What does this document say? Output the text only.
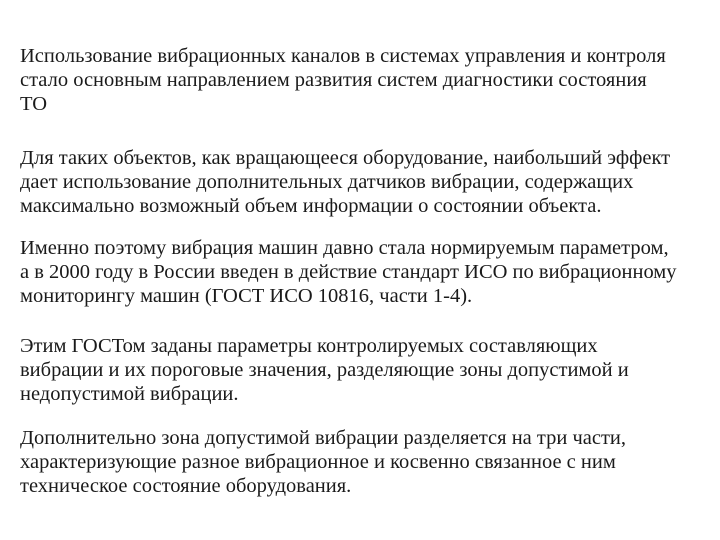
Использование вибрационных каналов в системах управления и контроля
стало основным направлением развития систем диагностики состояния
ТО

Для таких объектов, как вращающееся оборудование, наибольший эффект
дает использование дополнительных датчиков вибрации, содержащих
максимально возможный объем информации о состоянии объекта.

Именно поэтому вибрация машин давно стала нормируемым параметром,
а в 2000 году в России введен в действие стандарт ИСО по вибрационному
мониторингу машин (ГОСТ ИСО 10816, части 1-4).

Этим ГОСТом заданы параметры контролируемых составляющих
вибрации и их пороговые значения, разделяющие зоны допустимой и
недопустимой вибрации.

Дополнительно зона допустимой вибрации разделяется на три части,
характеризующие разное вибрационное и косвенно связанное с ним
техническое состояние оборудования.
